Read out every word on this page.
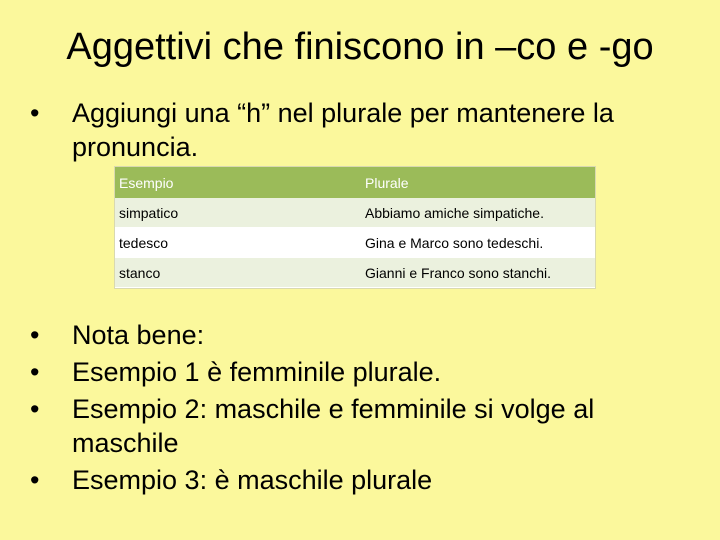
Aggettivi che finiscono in –co e -go
• Aggiungi una “h” nel plurale per mantenere la pronuncia.
Esempio	Plurale
simpatico	Abbiamo amiche simpatiche.
tedesco	Gina e Marco sono tedeschi.
stanco	Gianni e Franco sono stanchi.
• Nota bene:
• Esempio 1 è femminile plurale.
• Esempio 2: maschile e femminile si volge al maschile
• Esempio 3: è maschile plurale
